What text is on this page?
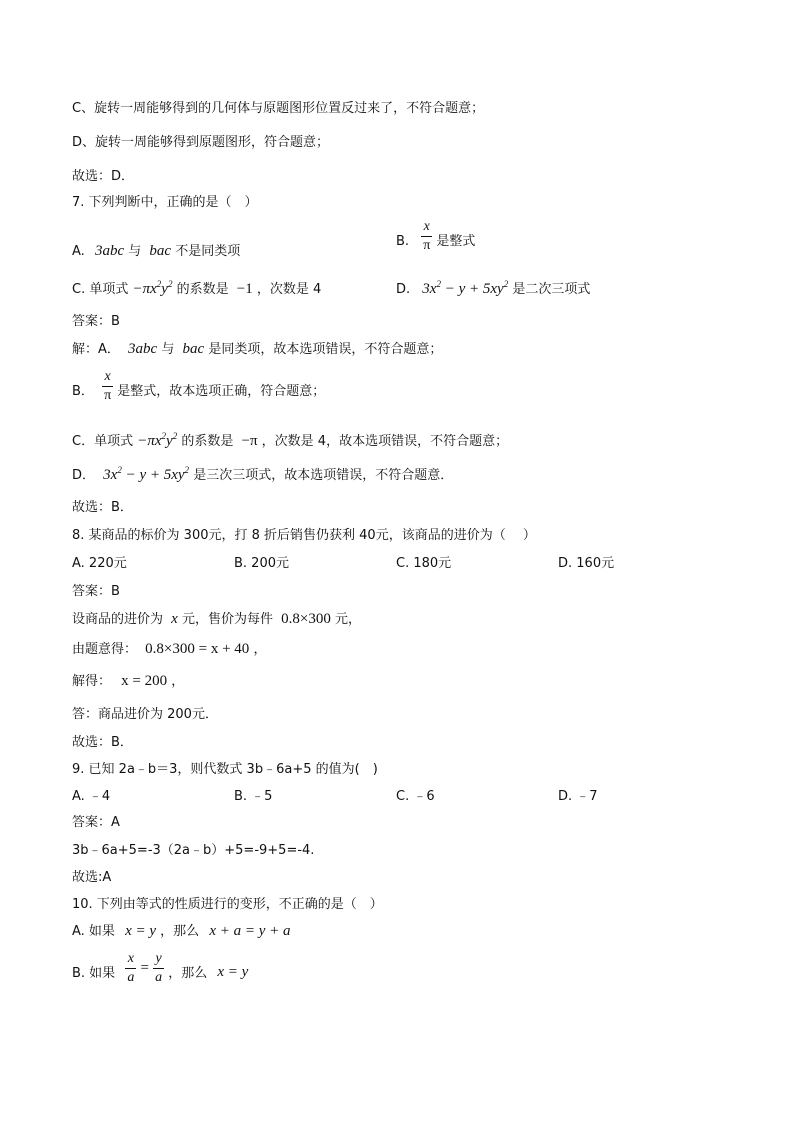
C、旋转一周能够得到的几何体与原题图形位置反过来了，不符合题意；
D、旋转一周能够得到原题图形，符合题意；
故选：D．
7. 下列判断中，正确的是（　）
A. 3abc 与 bac 不是同类项
B. $\frac{x}{\pi}$ 是整式
C. 单项式 $-\pi x^2y^2$ 的系数是 −1 ，次数是 4	D. $3x^2 - y + 5xy^2$ 是二次三项式
答案：B
解：A． 3abc 与 bac 是同类项，故本选项错误，不符合题意；
B． $\frac{x}{\pi}$ 是整式，故本选项正确，符合题意；
C．单项式 $-\pi x^2y^2$ 的系数是 −π ，次数是 4，故本选项错误，不符合题意；
D． $3x^2 - y + 5xy^2$ 是三次三项式，故本选项错误，不符合题意．
故选：B．
8. 某商品的标价为 300元，打 8 折后销售仍获利 40元，该商品的进价为（　 ）
A. 220元	B. 200元	C. 180元	D. 160元
答案：B
设商品的进价为 x 元，售价为每件 0.8×300 元，
由题意得： 0.8×300 = x + 40 ，
解得： x = 200 ，
答：商品进价为 200元．
故选：B．
9. 已知 2a﹣b＝3，则代数式 3b﹣6a+5 的值为(　)
A. ﹣4	B. ﹣5	C. ﹣6	D. ﹣7
答案：A
3b﹣6a+5=-3（2a﹣b）+5=-9+5=-4.
故选:A
10. 下列由等式的性质进行的变形，不正确的是（　）
A. 如果 x = y ，那么 x + a = y + a
B. 如果 $\frac{x}{a} = \frac{y}{a}$ ，那么 x = y
